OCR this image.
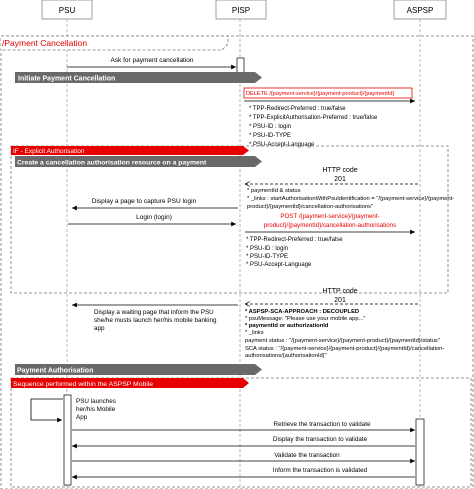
PSU	PISP	ASPSP
/Payment Cancellation
Ask for payment cancellation
Initiate Payment Cancellation
DELETE /{payment-service}/{payment-product}/{paymentId}
* TPP-Redirect-Preferred : true/false
* TPP-ExplicitAuthorisation-Preferred : true/false
* PSU-ID : login
* PSU-ID-TYPE
* PSU-Accept-Language
IF - Explicit Authorisation
Create a cancellation authorisation resource on a payment
HTTP code
201
* paymentId & status
* _links : startAuthorisationWithPsuIdentification = "/{payment-service}/{payment-
product}/{paymentId}/cancellation-authorisations"
Display a page to capture PSU login
Login (login)	POST /{payment-service}/{payment-
product}/{paymentId}/cancellation-authorisations
* TPP-Redirect-Preferred : true/false
* PSU-ID : login
* PSU-ID-TYPE
* PSU-Accept-Language
HTTP code
201
* ASPSP-SCA-APPROACH : DECOUPLED
* psuMessage: "Please use your mobile app..."
* paymentId or authorizationId
* _links
payment status : "/{payment-service}/{payment-product}/{paymentId}/status"
SCA status : "/{payment-service}/{payment-product}/{paymentId}/cancellation-
authorisations/{authorisationId}"
Display a waiting page that inform the PSU
she/he musts launch her/his mobile banking
app
Payment Authorisation
Sequence performed within the ASPSP Mobile
PSU launches
her/his Mobile
App
Retrieve the transaction to validate
Display the transaction to validate
Validate the transaction
Inform the transaction is validated
